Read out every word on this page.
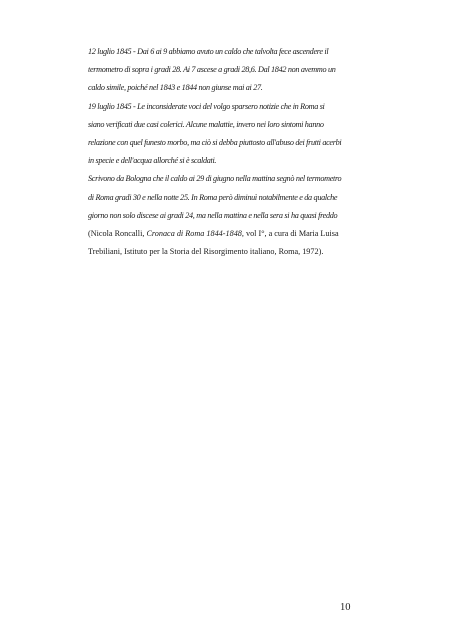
12 luglio 1845 - Dai 6 ai 9 abbiamo avuto un caldo che talvolta fece ascendere il
termometro di sopra i gradi 28. Ai 7 ascese a gradi 28,6. Dal 1842 non avemmo un
caldo simile, poiché nel 1843 e 1844 non giunse mai ai 27.
19 luglio 1845 - Le inconsiderate voci del volgo sparsero notizie che in Roma si
siano verificati due casi colerici. Alcune malattie, invero nei loro sintomi hanno
relazione con quel funesto morbo, ma ciò si debba piuttosto all'abuso dei frutti acerbi
in specie e dell'acqua allorché si è scaldati.
Scrivono da Bologna che il caldo ai 29 di giugno nella mattina segnò nel termometro
di Roma gradi 30 e nella notte 25. In Roma però diminuì notabilmente e da qualche
giorno non solo discese ai gradi 24, ma nella mattina e nella sera si ha quasi freddo
(Nicola Roncalli, Cronaca di Roma 1844-1848, vol I°, a cura di Maria Luisa
Trebiliani, Istituto per la Storia del Risorgimento italiano, Roma, 1972).
10
